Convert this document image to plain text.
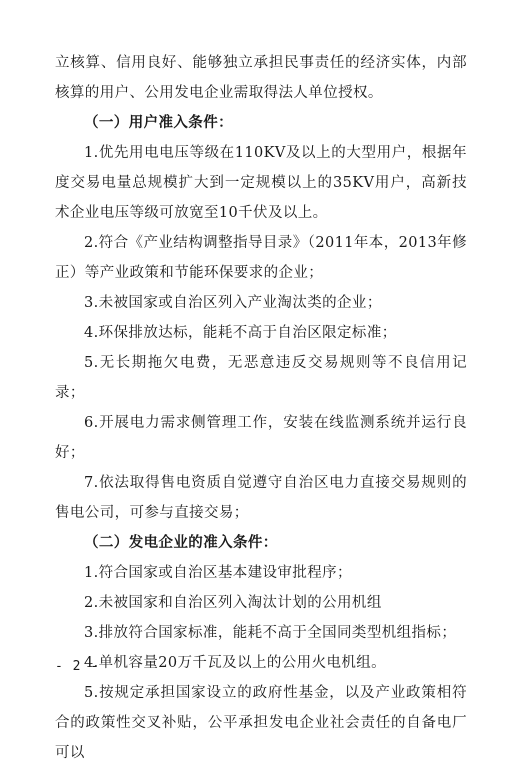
立核算、信用良好、能够独立承担民事责任的经济实体，内部核算的用户、公用发电企业需取得法人单位授权。

（一）用户准入条件：

1.优先用电电压等级在110KV及以上的大型用户，根据年度交易电量总规模扩大到一定规模以上的35KV用户，高新技术企业电压等级可放宽至10千伏及以上。

2.符合《产业结构调整指导目录》（2011年本，2013年修正）等产业政策和节能环保要求的企业；

3.未被国家或自治区列入产业淘汰类的企业；

4.环保排放达标，能耗不高于自治区限定标准；

5.无长期拖欠电费，无恶意违反交易规则等不良信用记录；

6.开展电力需求侧管理工作，安装在线监测系统并运行良好；

7.依法取得售电资质自觉遵守自治区电力直接交易规则的售电公司，可参与直接交易；

（二）发电企业的准入条件：

1.符合国家或自治区基本建设审批程序；

2.未被国家和自治区列入淘汰计划的公用机组

3.排放符合国家标准，能耗不高于全国同类型机组指标；

4.单机容量20万千瓦及以上的公用火电机组。

5.按规定承担国家设立的政府性基金，以及产业政策相符合的政策性交叉补贴，公平承担发电企业社会责任的自备电厂可以

- 2 -
